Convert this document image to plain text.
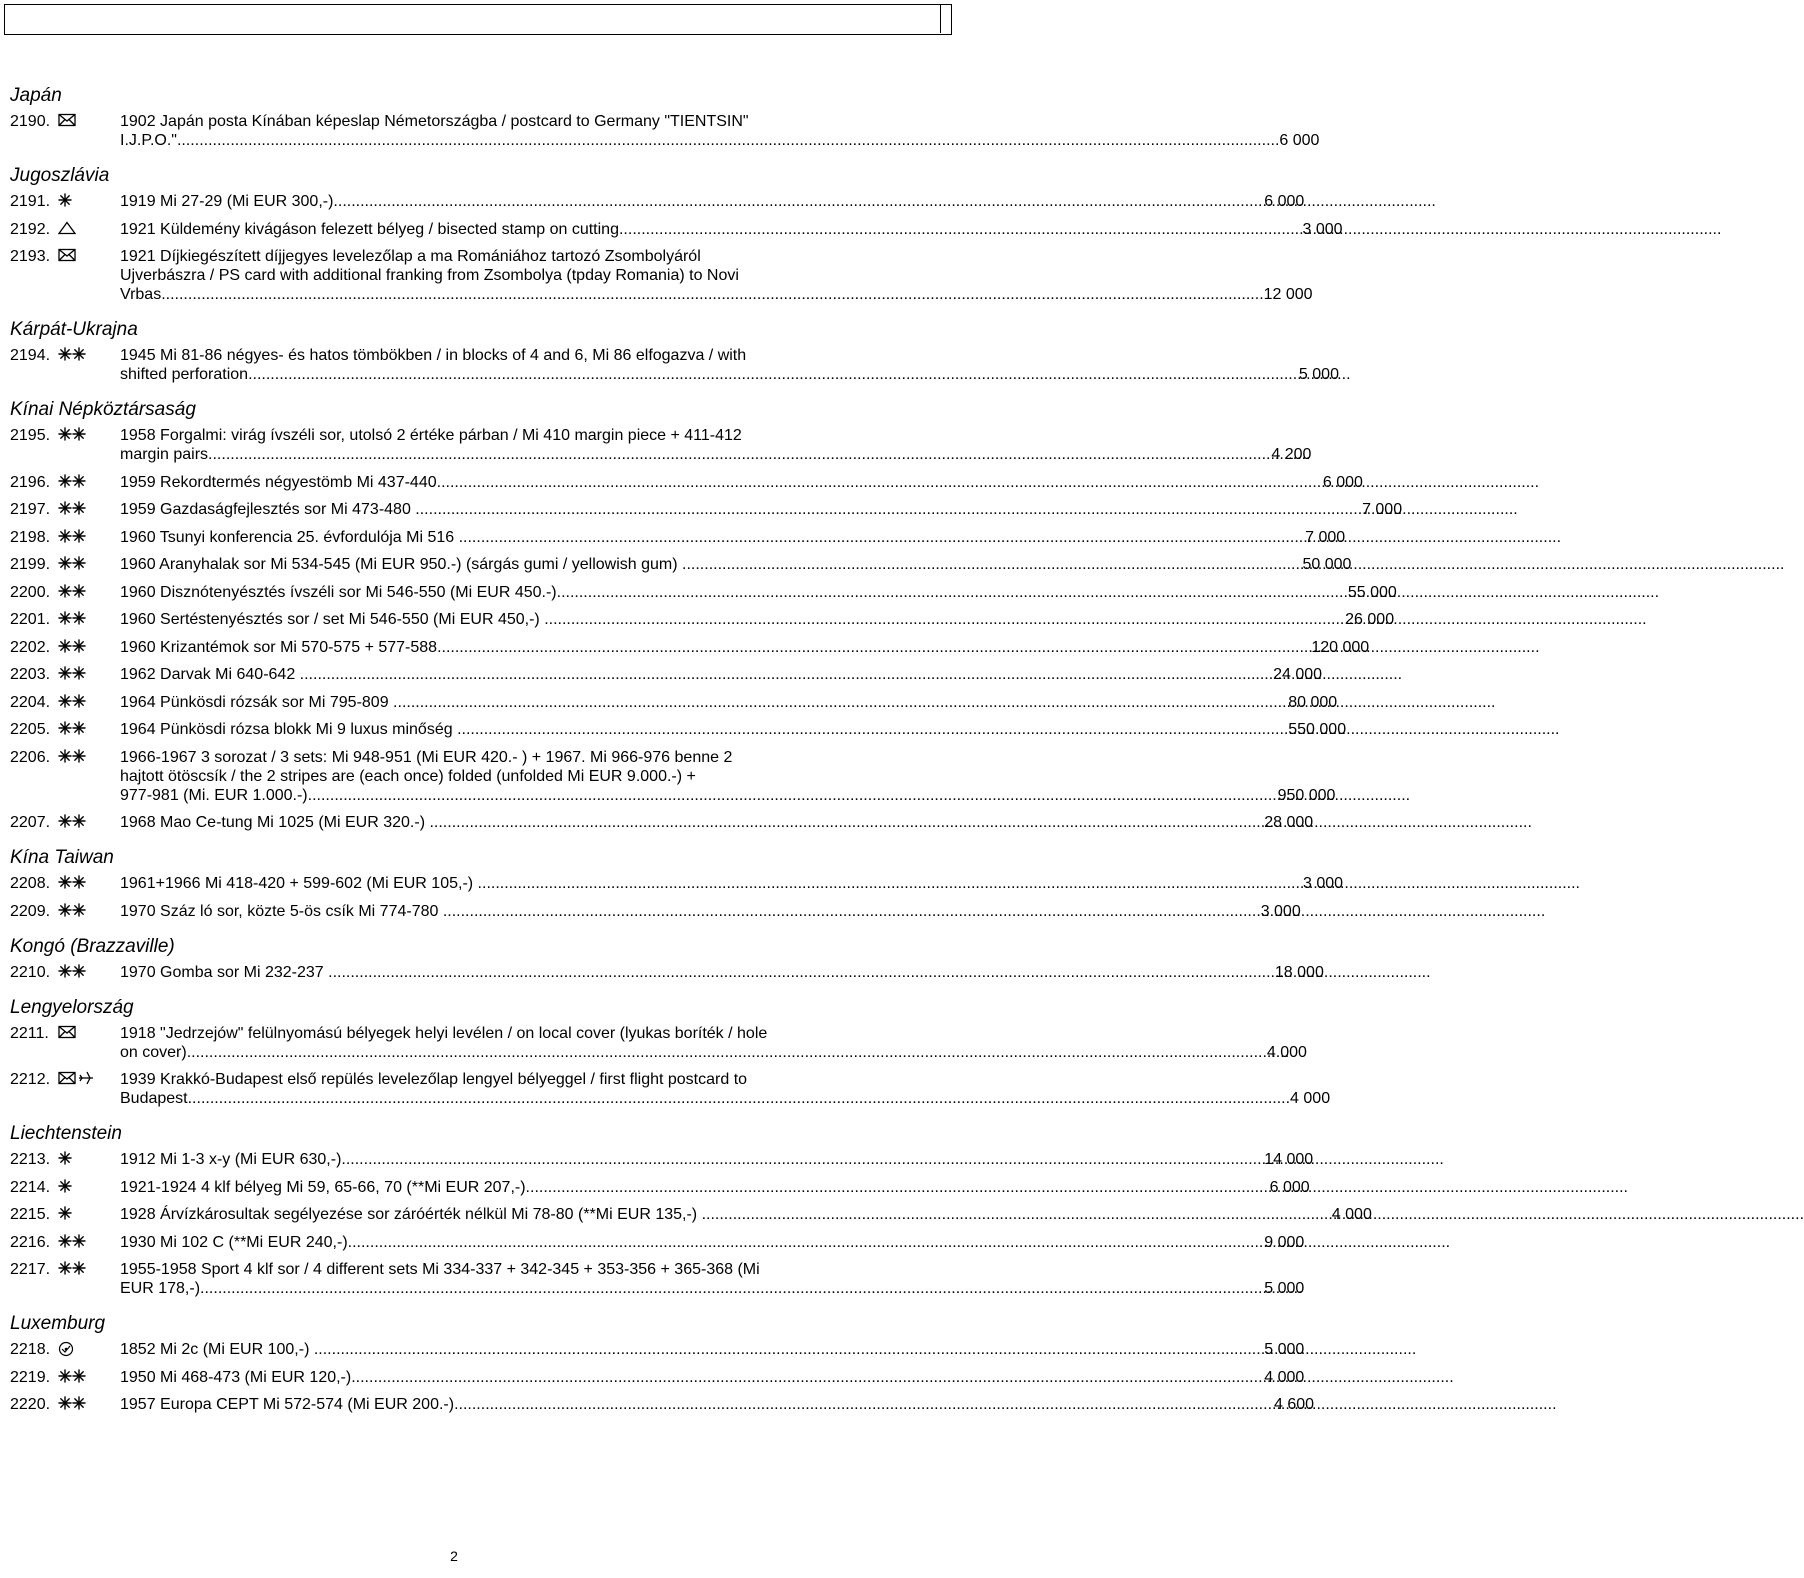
Japán
2190.	1902 Japán posta Kínában képeslap Németországba / postcard to Germany "TIENTSIN"
I.J.P.O." .....	6 000
Jugoszlávia
2191.	1919 Mi 27-29 (Mi EUR 300,-) .....	6 000
2192.	1921 Küldemény kivágáson felezett bélyeg / bisected stamp on cutting .....	3 000
2193.	1921 Díjkiegészített díjjegyes levelezőlap a ma Romániához tartozó Zsombolyáról
Ujverbászra / PS card with additional franking from Zsombolya (tpday Romania) to Novi
Vrbas .....	12 000
Kárpát-Ukrajna
2194.	1945 Mi 81-86 négyes- és hatos tömbökben / in blocks of 4 and 6, Mi 86 elfogazva / with
shifted perforation .....	5 000
Kínai Népköztársaság
2195.	1958 Forgalmi: virág ívszéli sor, utolsó 2 értéke párban / Mi 410 margin piece + 411-412
margin pairs .....	4 200
2196.	1959 Rekordtermés négyestömb Mi 437-440 .....	6 000
2197.	1959 Gazdaságfejlesztés sor Mi 473-480 .....	7 000
2198.	1960 Tsunyi konferencia 25. évfordulója Mi 516 .....	7 000
2199.	1960 Aranyhalak sor Mi 534-545 (Mi EUR 950.-) (sárgás gumi / yellowish gum) .....	50 000
2200.	1960 Disznótenyésztés ívszéli sor Mi 546-550 (Mi EUR 450.-) .....	55 000
2201.	1960 Sertéstenyésztés sor / set Mi 546-550 (Mi EUR 450,-) .....	26 000
2202.	1960 Krizantémok sor Mi 570-575 + 577-588 .....	120 000
2203.	1962 Darvak Mi 640-642 .....	24 000
2204.	1964 Pünkösdi rózsák sor Mi 795-809 .....	80 000
2205.	1964 Pünkösdi rózsa blokk Mi 9 luxus minőség .....	550 000
2206.	1966-1967 3 sorozat / 3 sets: Mi 948-951 (Mi EUR 420.- ) + 1967. Mi 966-976 benne 2
hajtott ötöscsík / the 2 stripes are (each once) folded (unfolded Mi EUR 9.000.-) +
977-981 (Mi. EUR 1.000.-) .....	950 000
2207.	1968 Mao Ce-tung Mi 1025 (Mi EUR 320.-) .....	28 000
Kína Taiwan
2208.	1961+1966 Mi 418-420 + 599-602 (Mi EUR 105,-) .....	3 000
2209.	1970 Száz ló sor, közte 5-ös csík Mi 774-780 .....	3 000
Kongó (Brazzaville)
2210.	1970 Gomba sor Mi 232-237 .....	18 000
Lengyelország
2211.	1918 "Jedrzejów" felülnyomású bélyegek helyi levélen / on local cover (lyukas boríték / hole
on cover) .....	4 000
2212.	1939 Krakkó-Budapest első repülés levelezőlap lengyel bélyeggel / first flight postcard to
Budapest .....	4 000
Liechtenstein
2213.	1912 Mi 1-3 x-y (Mi EUR 630,-) .....	14 000
2214.	1921-1924 4 klf bélyeg Mi 59, 65-66, 70 (**Mi EUR 207,-) .....	6 000
2215.	1928 Árvízkárosultak segélyezése sor záróérték nélkül Mi 78-80 (**Mi EUR 135,-) .....	4 000
2216.	1930 Mi 102 C (**Mi EUR 240,-) .....	9 000
2217.	1955-1958 Sport 4 klf sor / 4 different sets Mi 334-337 + 342-345 + 353-356 + 365-368 (Mi
EUR 178,-) .....	5 000
Luxemburg
2218.	1852 Mi 2c (Mi EUR 100,-) .....	5 000
2219.	1950 Mi 468-473 (Mi EUR 120,-) .....	4 000
2220.	1957 Europa CEPT Mi 572-574 (Mi EUR 200.-) .....	4 600
2
